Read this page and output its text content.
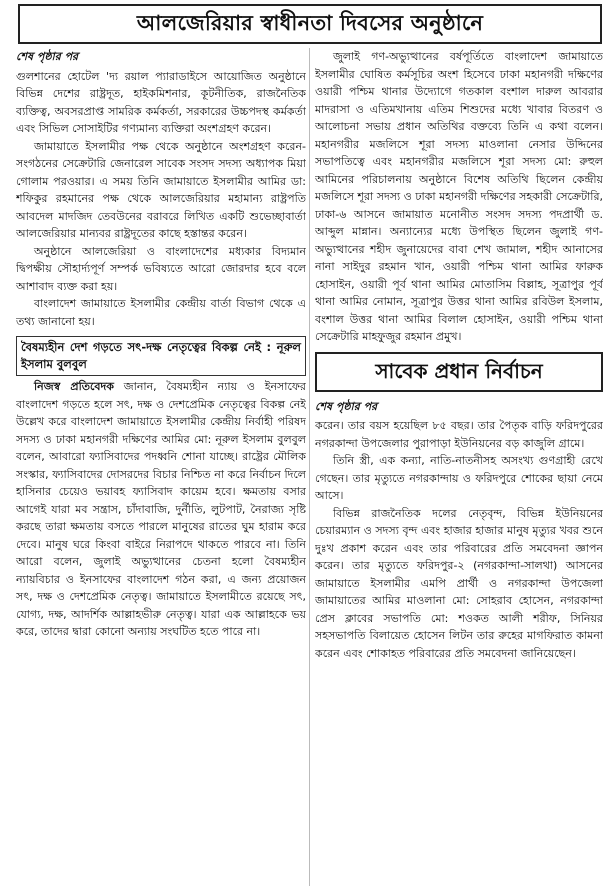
আলজেরিয়ার স্বাধীনতা দিবসের অনুষ্ঠানে
শেষ পৃষ্ঠার পর

গুলশানের হোটেল 'দ্য রয়াল প্যারাডাইসে আয়োজিত অনুষ্ঠানে বিভিন্ন দেশের রাষ্ট্রদূত, হাইকমিশনার, কূটনীতিক, রাজনৈতিক ব্যক্তিত্ব, অবসরপ্রাপ্ত সামরিক কর্মকর্তা, সরকারের উচ্চপদস্থ কর্মকর্তা এবং সিভিল সোসাইটির গণ্যমান্য ব্যক্তিরা অংশগ্রহণ করেন।

জামায়াতে ইসলামীর পক্ষ থেকে অনুষ্ঠানে অংশগ্রহণ করেন- সংগঠনের সেক্রেটারি জেনারেল সাবেক সংসদ সদস্য অধ্যাপক মিয়া গোলাম পরওয়ার। এ সময় তিনি জামায়াতে ইসলামীর আমির ডা: শফিকুর রহমানের পক্ষ থেকে আলজেরিয়ার মহামান্য রাষ্ট্রপতি আবদেল মাদজিদ তেবউনের বরাবরে লিখিত একটি শুভেচ্ছাবার্তা আলজেরিয়ার মান্যবর রাষ্ট্রদূতের কাছে হস্তান্তর করেন।

অনুষ্ঠানে আলজেরিয়া ও বাংলাদেশের মধ্যকার বিদ্যমান দ্বিপক্ষীয় সৌহার্দ্যপূর্ণ সম্পর্ক ভবিষ্যতে আরো জোরদার হবে বলে আশাবাদ ব্যক্ত করা হয়।

বাংলাদেশ জামায়াতে ইসলামীর কেন্দ্রীয় বার্তা বিভাগ থেকে এ তথ্য জানানো হয়।

বৈষম্যহীন দেশ গড়তে সৎ-দক্ষ নেতৃত্বের বিকল্প নেই : নূরুল ইসলাম বুলবুল

নিজস্ব প্রতিবেদক জানান, বৈষম্যহীন ন্যায় ও ইনসাফের বাংলাদেশ গড়তে হলে সৎ, দক্ষ ও দেশপ্রেমিক নেতৃত্বের বিকল্প নেই উল্লেখ করে বাংলাদেশ জামায়াতে ইসলামীর কেন্দ্রীয় নির্বাহী পরিষদ সদস্য ও ঢাকা মহানগরী দক্ষিণের আমির মো: নূরুল ইসলাম বুলবুল বলেন, আবারো ফ্যাসিবাদের পদধ্বনি শোনা যাচ্ছে। রাষ্ট্রের মৌলিক সংস্কার, ফ্যাসিবাদের দোসরদের বিচার নিশ্চিত না করে নির্বাচন দিলে হাসিনার চেয়েও ভয়াবহ ফ্যাসিবাদ কায়েম হবে। ক্ষমতায় বসার আগেই যারা মব সন্ত্রাস, চাঁদাবাজি, দুর্নীতি, লুটপাট, নৈরাজ্য সৃষ্টি করছে তারা ক্ষমতায় বসতে পারলে মানুষের রাতের ঘুম হারাম করে দেবে। মানুষ ঘরে কিংবা বাইরে নিরাপদে থাকতে পারবে না। তিনি আরো বলেন, জুলাই অভ্যুত্থানের চেতনা হলো বৈষম্যহীন ন্যায়বিচার ও ইনসাফের বাংলাদেশ গঠন করা, এ জন্য প্রয়োজন সৎ, দক্ষ ও দেশপ্রেমিক নেতৃত্ব। জামায়াতে ইসলামীতে রয়েছে সৎ, যোগ্য, দক্ষ, আদর্শিক আল্লাহভীরু নেতৃত্ব। যারা এক আল্লাহকে ভয় করে, তাদের দ্বারা কোনো অন্যায় সংঘটিত হতে পারে না।

জুলাই গণ-অভ্যুত্থানের বর্ষপূর্তিতে বাংলাদেশ জামায়াতে ইসলামীর ঘোষিত কর্মসূচির অংশ হিসেবে ঢাকা মহানগরী দক্ষিণের ওয়ারী পশ্চিম থানার উদ্যোগে গতকাল বংশাল দারুল আবরার মাদরাসা ও এতিমখানায় এতিম শিশুদের মধ্যে খাবার বিতরণ ও আলোচনা সভায় প্রধান অতিথির বক্তব্যে তিনি এ কথা বলেন। মহানগরীর মজলিসে শূরা সদস্য মাওলানা নেসার উদ্দিনের সভাপতিত্বে এবং মহানগরীর মজলিসে শূরা সদস্য মো: রুহুল আমিনের পরিচালনায় অনুষ্ঠানে বিশেষ অতিথি ছিলেন কেন্দ্রীয় মজলিসে শূরা সদস্য ও ঢাকা মহানগরী দক্ষিণের সহকারী সেক্রেটারি, ঢাকা-৬ আসনে জামায়াত মনোনীত সংসদ সদস্য পদপ্রার্থী ড. আব্দুল মান্নান। অন্যান্যের মধ্যে উপস্থিত ছিলেন জুলাই গণ-অভ্যুত্থানের শহীদ জুনায়েদের বাবা শেখ জামাল, শহীদ আনাসের নানা সাইদুর রহমান খান, ওয়ারী পশ্চিম থানা আমির ফারুক হোসাইন, ওয়ারী পূর্ব থানা আমির মোতাসিম বিল্লাহ, সূত্রাপুর পূর্ব থানা আমির নোমান, সূত্রাপুর উত্তর থানা আমির রবিউল ইসলাম, বংশাল উত্তর থানা আমির বিলাল হোসাইন, ওয়ারী পশ্চিম থানা সেক্রেটারি মাহফুজুর রহমান প্রমুখ।

সাবেক প্রধান নির্বাচন
শেষ পৃষ্ঠার পর

করেন। তার বয়স হয়েছিল ৮৫ বছর। তার পৈতৃক বাড়ি ফরিদপুরের নগরকান্দা উপজেলার পুরাপাড়া ইউনিয়নের বড় কাজুলি গ্রামে।

তিনি স্ত্রী, এক কন্যা, নাতি-নাতনীসহ অসংখ্য গুণগ্রাহী রেখে গেছেন। তার মৃত্যুতে নগরকান্দায় ও ফরিদপুরে শোকের ছায়া নেমে আসে।

বিভিন্ন রাজনৈতিক দলের নেতৃবৃন্দ, বিভিন্ন ইউনিয়নের চেয়ারম্যান ও সদস্য বৃন্দ এবং হাজার হাজার মানুষ মৃত্যুর খবর শুনে দুঃখ প্রকাশ করেন এবং তার পরিবারের প্রতি সমবেদনা জ্ঞাপন করেন। তার মৃত্যুতে ফরিদপুর-২ (নগরকান্দা-সালথা) আসনের জামায়াতে ইসলামীর এমপি প্রার্থী ও নগরকান্দা উপজেলা জামায়াতের আমির মাওলানা মো: সোহরাব হোসেন, নগরকান্দা প্রেস ক্লাবের সভাপতি মো: শওকত আলী শরীফ, সিনিয়র সহসভাপতি বিলায়েত হোসেন লিটন তার রুহের মাগফিরাত কামনা করেন এবং শোকাহত পরিবারের প্রতি সমবেদনা জানিয়েছেন।
